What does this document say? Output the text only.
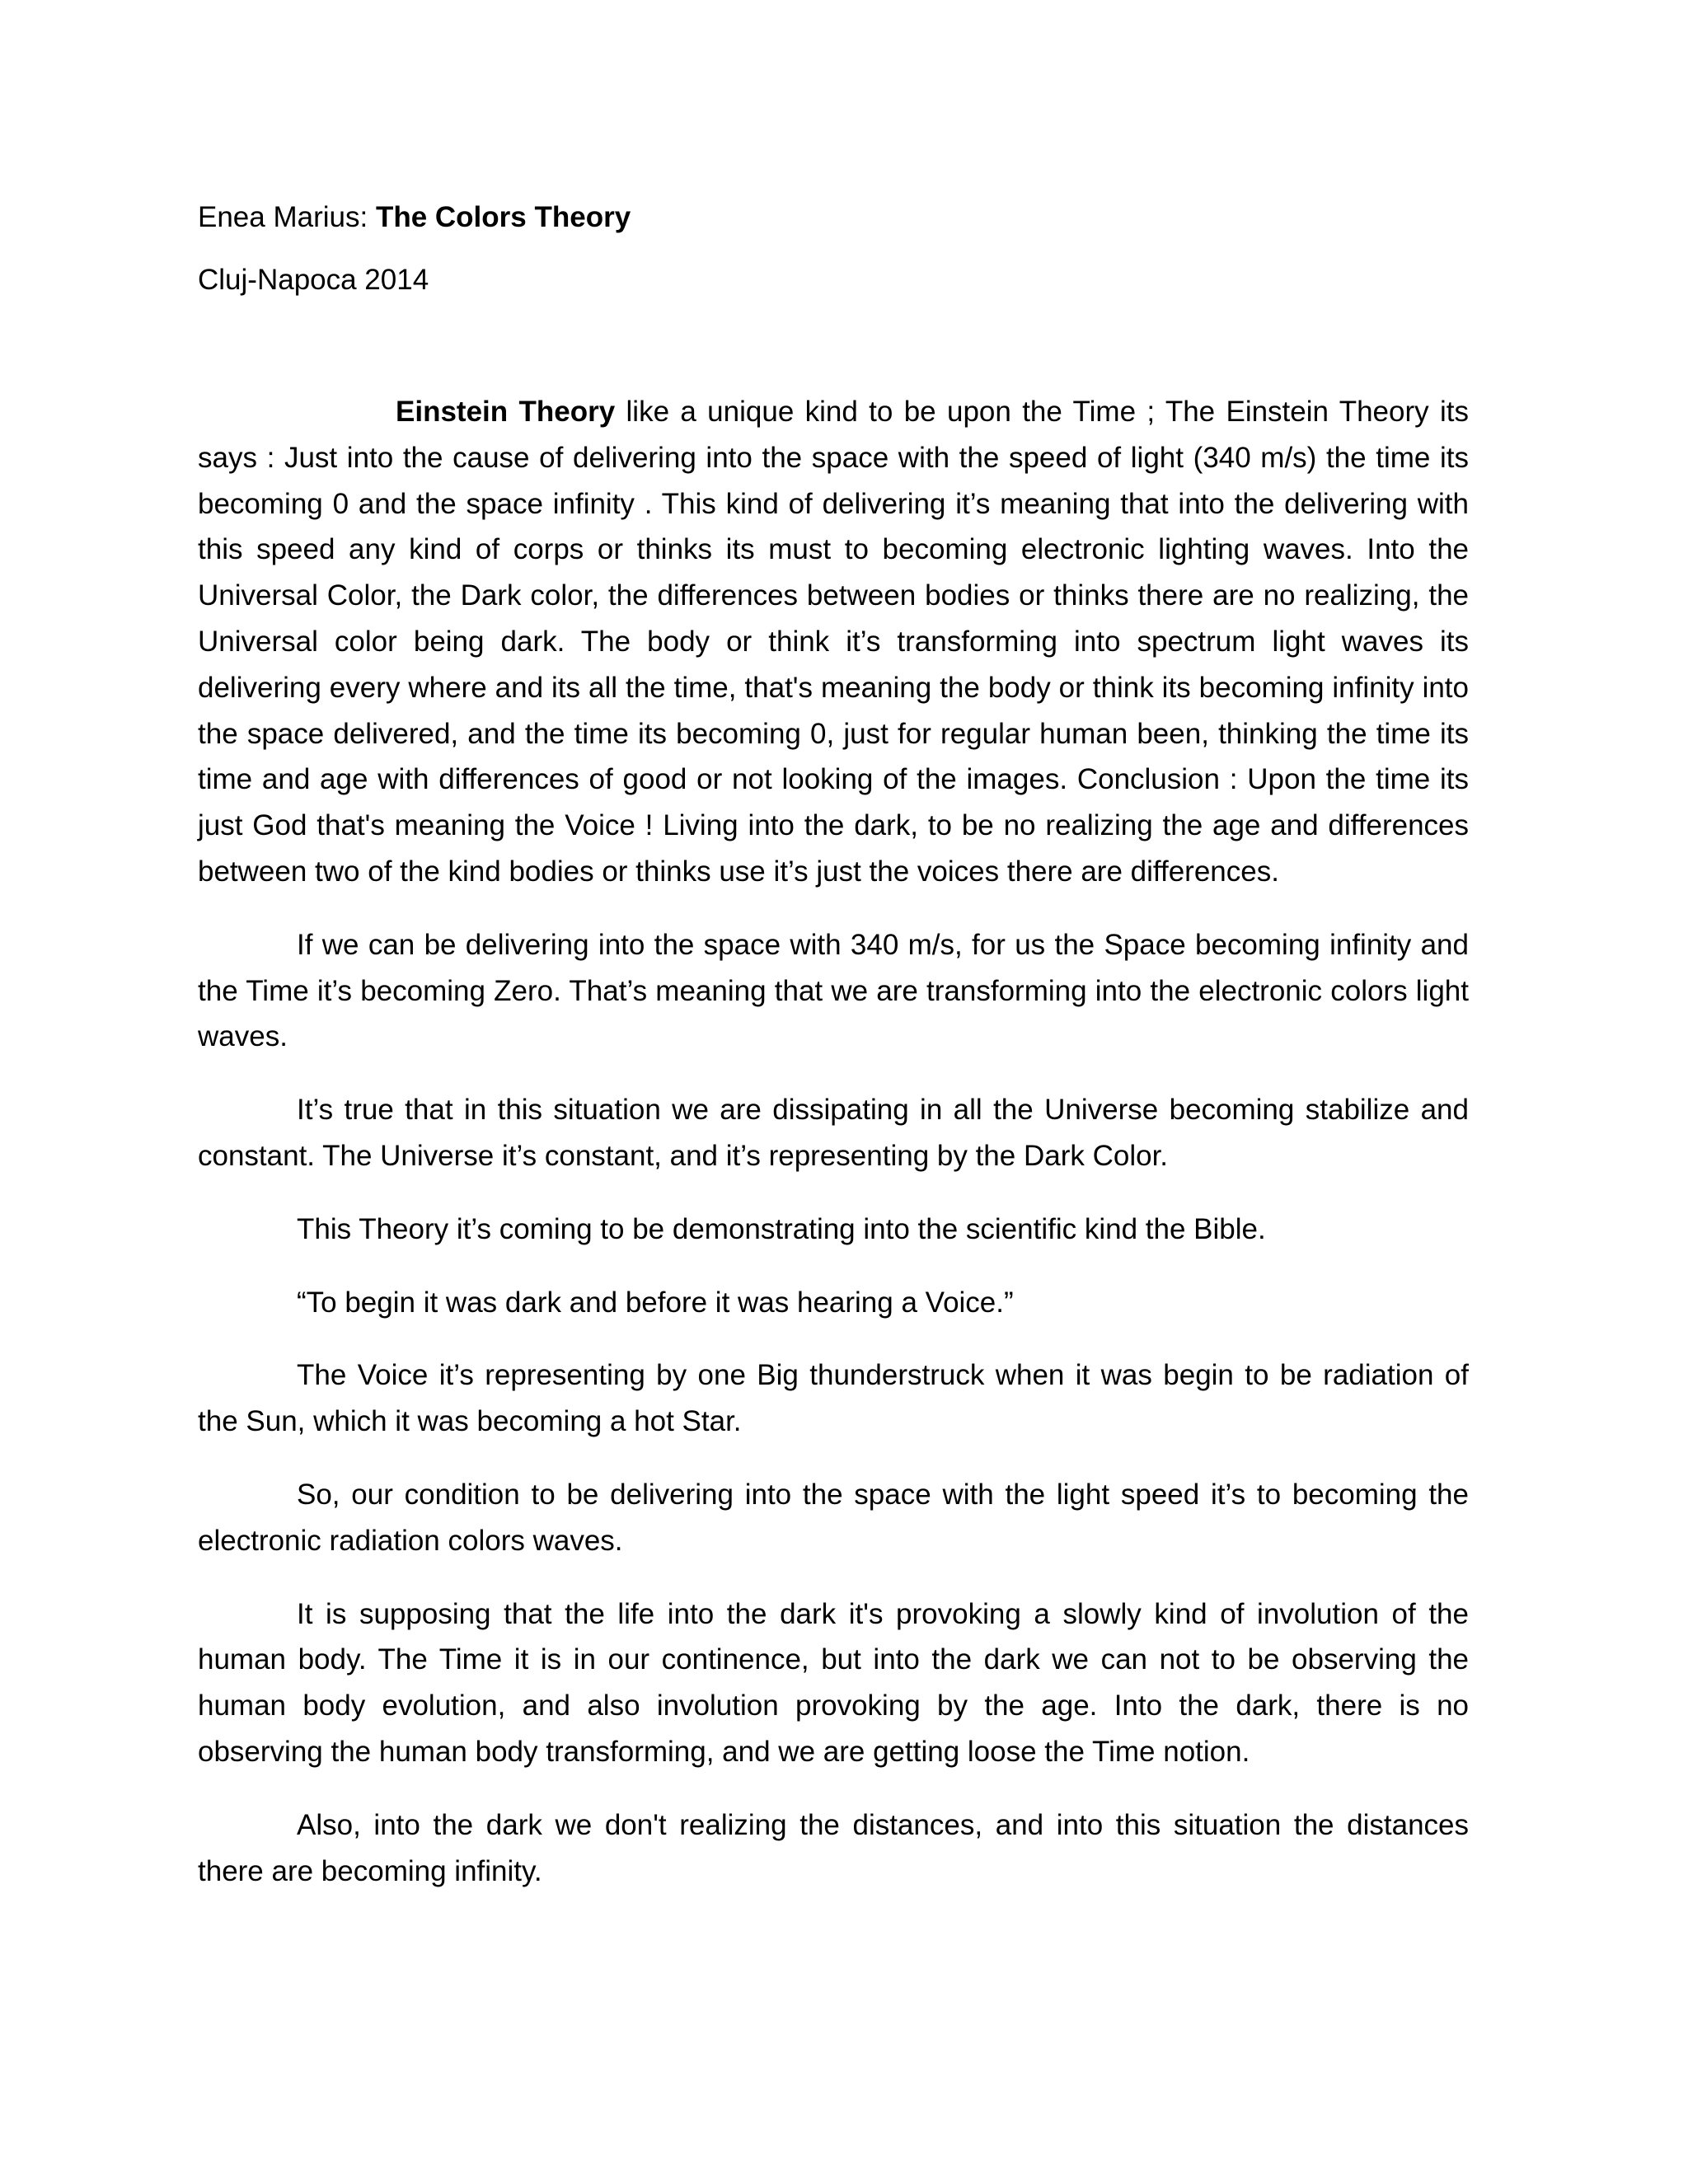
Enea Marius: The Colors Theory

Cluj-Napoca 2014

Einstein Theory like a unique kind to be upon the Time ; The Einstein Theory its says : Just into the cause of delivering into the space with the speed of light (340 m/s) the time its becoming 0 and the space infinity . This kind of delivering it’s meaning that into the delivering with this speed any kind of corps or thinks its must to becoming electronic lighting waves. Into the Universal Color, the Dark color, the differences between bodies or thinks there are no realizing, the Universal color being dark. The body or think it’s transforming into spectrum light waves its delivering every where and its all the time, that's meaning the body or think its becoming infinity into the space delivered, and the time its becoming 0, just for regular human been, thinking the time its time and age with differences of good or not looking of the images. Conclusion : Upon the time its just God that's meaning the Voice ! Living into the dark, to be no realizing the age and differences between two of the kind bodies or thinks use it’s just the voices there are differences.

If we can be delivering into the space with 340 m/s, for us the Space becoming infinity and the Time it’s becoming Zero. That’s meaning that we are transforming into the electronic colors light waves.

It’s true that in this situation we are dissipating in all the Universe becoming stabilize and constant. The Universe it’s constant, and it’s representing by the Dark Color.

This Theory it’s coming to be demonstrating into the scientific kind the Bible.

“To begin it was dark and before it was hearing a Voice.”

The Voice it’s representing by one Big thunderstruck when it was begin to be radiation of the Sun, which it was becoming a hot Star.

So, our condition to be delivering into the space with the light speed it’s to becoming the electronic radiation colors waves.

It is supposing that the life into the dark it's provoking a slowly kind of involution of the human body. The Time it is in our continence, but into the dark we can not to be observing the human body evolution, and also involution provoking by the age. Into the dark, there is no observing the human body transforming, and we are getting loose the Time notion.

Also, into the dark we don't realizing the distances, and into this situation the distances there are becoming infinity.
